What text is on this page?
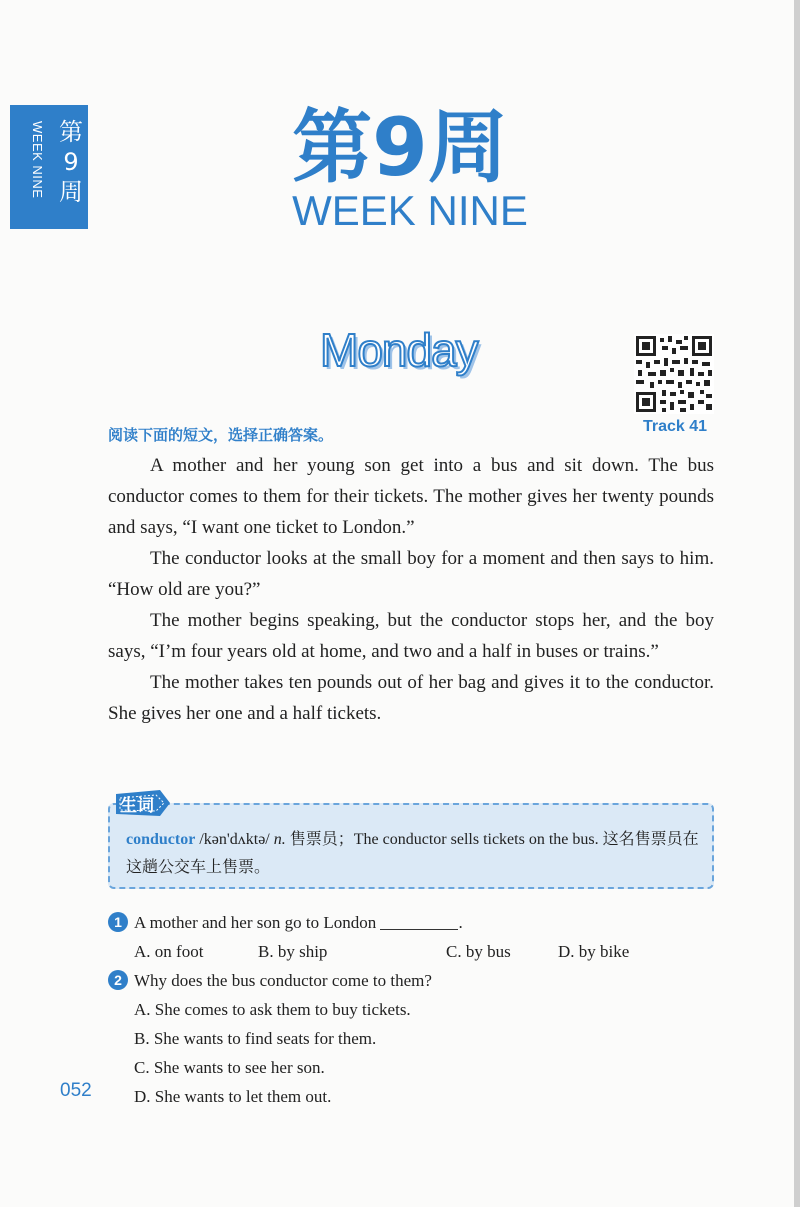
第9周
WEEK NINE	第9周
WEEK NINE
Monday
Track 41
阅读下面的短文，选择正确答案。

A mother and her young son get into a bus and sit down. The bus conductor comes to them for their tickets. The mother gives her twenty pounds and says, “I want one ticket to London.”

The conductor looks at the small boy for a moment and then says to him. “How old are you?”

The mother begins speaking, but the conductor stops her, and the boy says, “I’m four years old at home, and two and a half in buses or trains.”

The mother takes ten pounds out of her bag and gives it to the conductor. She gives her one and a half tickets.

生词
conductor /kən'dʌktə/ n. 售票员；The conductor sells tickets on the bus. 这名售票员在这趟公交车上售票。
1 A mother and her son go to London	.
A. on foot	B. by ship	C. by bus	D. by bike
2 Why does the bus conductor come to them?
A. She comes to ask them to buy tickets.
B. She wants to find seats for them.
C. She wants to see her son.
D. She wants to let them out.
052
